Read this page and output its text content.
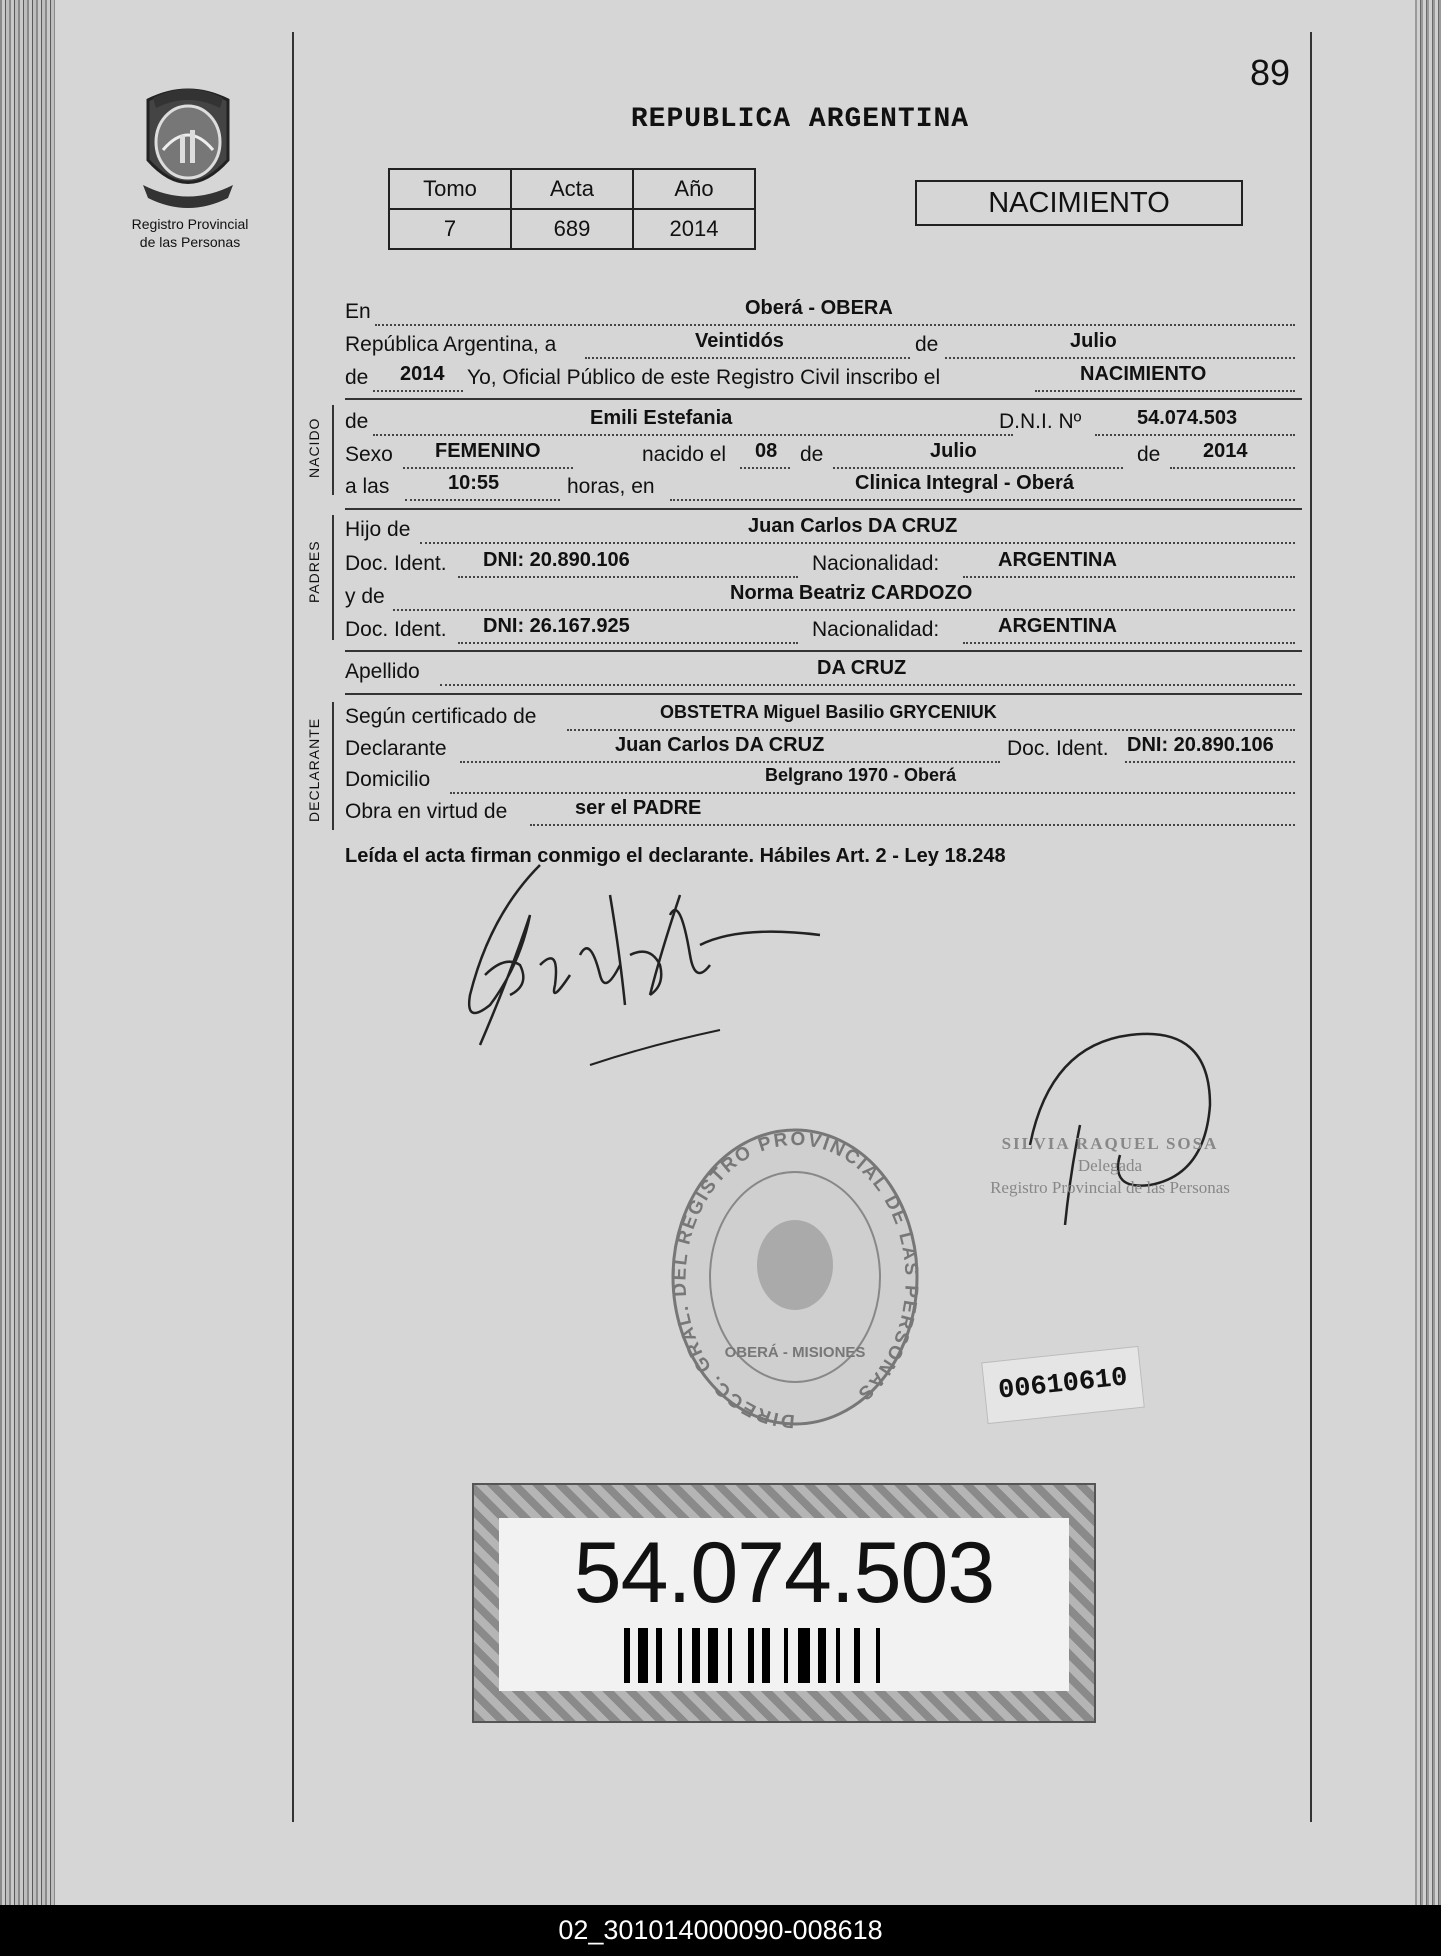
Registro Provincial
de las Personas
89
REPUBLICA ARGENTINA
Tomo	Acta	Año
7	689	2014
NACIMIENTO
En	Oberá - OBERA
República Argentina, a	Veintidós	de	Julio
de 2014 Yo, Oficial Público de este Registro Civil inscribo el	NACIMIENTO
NACIDO de	Emili Estefania	D.N.I. Nº	54.074.503
Sexo FEMENINO	nacido el 08 de	Julio	de 2014
a las	10:55	horas, en	Clinica Integral - Oberá
PADRES
Hijo de	Juan Carlos DA CRUZ
Doc. Ident. DNI: 20.890.106	Nacionalidad:	ARGENTINA
y de	Norma Beatriz CARDOZO
Doc. Ident. DNI: 26.167.925	Nacionalidad:	ARGENTINA
Apellido	DA CRUZ
DECLARANTE
Según certificado de	OBSTETRA Miguel Basilio GRYCENIUK
Declarante	Juan Carlos DA CRUZ	Doc. Ident. DNI: 20.890.106
Domicilio	Belgrano 1970 - Oberá
Obra en virtud de	ser el PADRE
Leída el acta firman conmigo el declarante. Hábiles Art. 2 - Ley 18.248
SILVIA RAQUEL SOSA
Delegada
Registro Provincial de las Personas
DIRECC. GRAL. DEL REGISTRO PROVINCIAL DE LAS PERSONAS
OBERÁ - MISIONES
00610610
54.074.503
02_301014000090-008618
